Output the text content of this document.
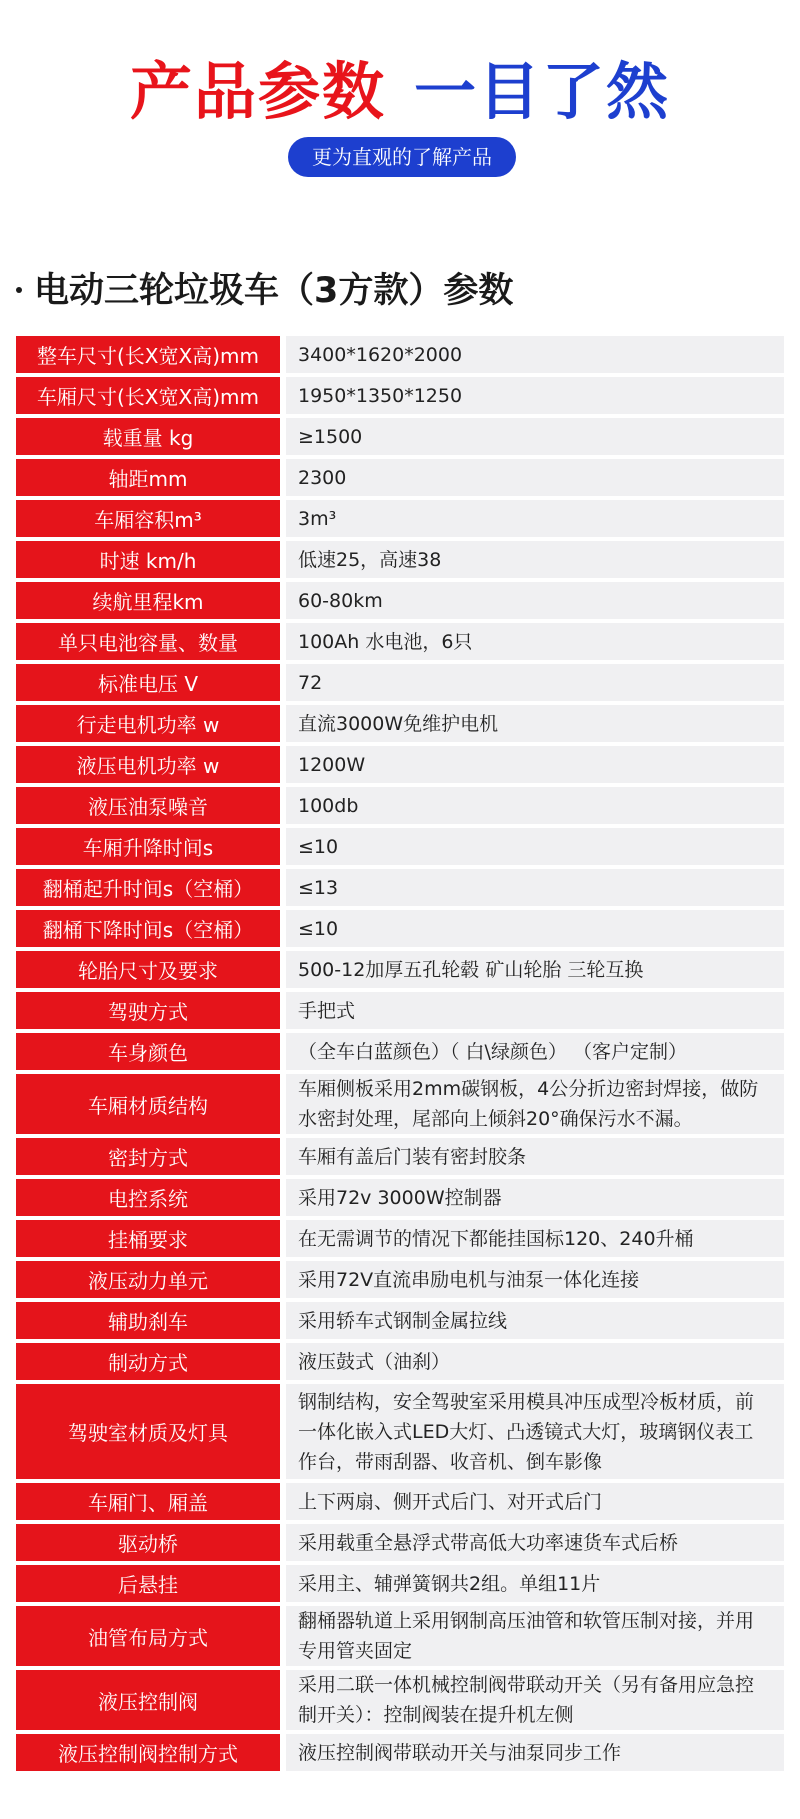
产品参数 一目了然
更为直观的了解产品
电动三轮垃圾车（3方款）参数
整车尺寸(长X宽X高)mm	3400*1620*2000
车厢尺寸(长X宽X高)mm	1950*1350*1250
载重量 kg	≥1500
轴距mm	2300
车厢容积m³	3m³
时速 km/h	低速25，高速38
续航里程km	60-80km
单只电池容量、数量	100Ah 水电池，6只
标准电压 V	72
行走电机功率 w	直流3000W免维护电机
液压电机功率 w	1200W
液压油泵噪音	100db
车厢升降时间s	≤10
翻桶起升时间s（空桶）	≤13
翻桶下降时间s（空桶）	≤10
轮胎尺寸及要求	500-12加厚五孔轮毂 矿山轮胎 三轮互换
驾驶方式	手把式
车身颜色	（全车白蓝颜色）（ 白\绿颜色） （客户定制）
车厢材质结构	车厢侧板采用2mm碳钢板，4公分折边密封焊接，做防水密封处理，尾部向上倾斜20°确保污水不漏。
密封方式	车厢有盖后门装有密封胶条
电控系统	采用72v 3000W控制器
挂桶要求	在无需调节的情况下都能挂国标120、240升桶
液压动力单元	采用72V直流串励电机与油泵一体化连接
辅助刹车	采用轿车式钢制金属拉线
制动方式	液压鼓式（油刹）
驾驶室材质及灯具	钢制结构，安全驾驶室采用模具冲压成型冷板材质，前一体化嵌入式LED大灯、凸透镜式大灯，玻璃钢仪表工作台，带雨刮器、收音机、倒车影像
车厢门、厢盖	上下两扇、侧开式后门、对开式后门
驱动桥	采用载重全悬浮式带高低大功率速货车式后桥
后悬挂	采用主、辅弹簧钢共2组。单组11片
油管布局方式	翻桶器轨道上采用钢制高压油管和软管压制对接，并用专用管夹固定
液压控制阀	采用二联一体机械控制阀带联动开关（另有备用应急控制开关）：控制阀装在提升机左侧
液压控制阀控制方式	液压控制阀带联动开关与油泵同步工作
